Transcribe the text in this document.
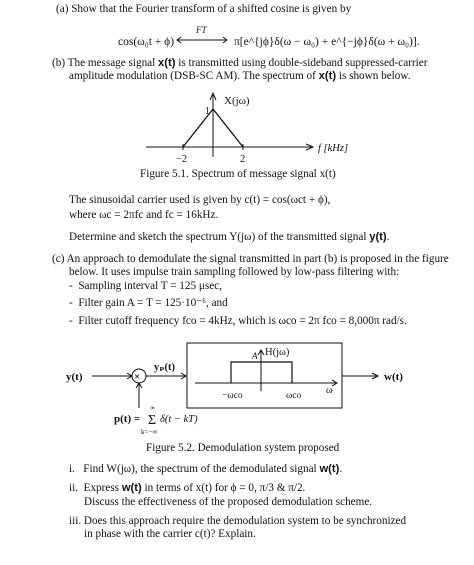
(a) Show that the Fourier transform of a shifted cosine is given by
cos(ω₀t + ϕ)
FT
π[e^{jϕ}δ(ω − ω₀) + e^{−jϕ}δ(ω + ω₀)].
X(jω)
1
f [kHz]
−2	2
y(t)	×
yₚ(t)
H(jω)
A
−ωco	ωco ω
w(t)
p(t) =
∞
Σ
k=−∞
δ(t − kT)
(b) The message signal x(t) is transmitted using double-sideband suppressed-carrier
amplitude modulation (DSB-SC AM). The spectrum of x(t) is shown below.
Figure 5.1. Spectrum of message signal x(t)
The sinusoidal carrier used is given by c(t) = cos(ωct + ϕ),
where ωc = 2πfc and fc = 16kHz.
Determine and sketch the spectrum Y(jω) of the transmitted signal y(t).
(c) An approach to demodulate the signal transmitted in part (b) is proposed in the figure
below. It uses impulse train sampling followed by low-pass filtering with:
-  Sampling interval T = 125 μsec,
-  Filter gain A = T = 125·10⁻⁶, and
-  Filter cutoff frequency fco = 4kHz, which is ωco = 2π fco = 8,000π rad/s.
Figure 5.2. Demodulation system proposed
i. Find W(jω), the spectrum of the demodulated signal w(t).
ii. Express w(t) in terms of x(t) for ϕ = 0, π/3 & π/2.
Discuss the effectiveness of the proposed demodulation scheme.
iii. Does this approach require the demodulation system to be synchronized
in phase with the carrier c(t)? Explain.
